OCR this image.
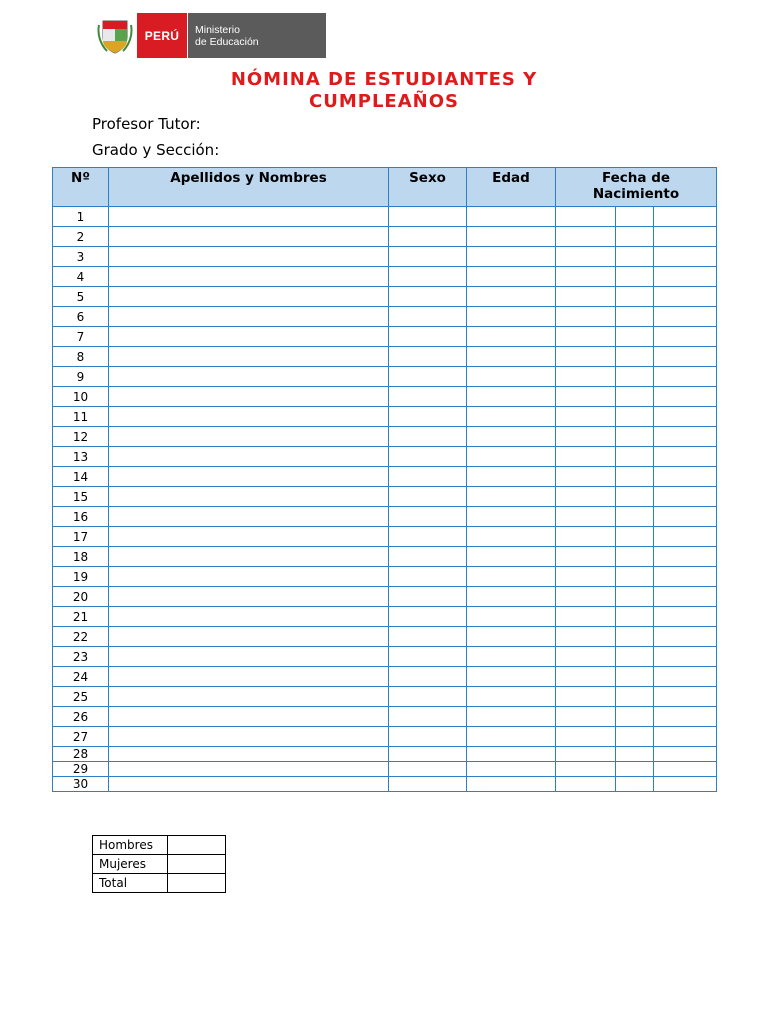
PERÚ	Ministerio
de Educación
NÓMINA DE ESTUDIANTES Y
CUMPLEAÑOS
Profesor Tutor:
Grado y Sección:
Nº	Apellidos y Nombres	Sexo	Edad	Fecha de
Nacimiento		

1						
2						
3						
4						
5						
6						
7						
8						
9						
10						
11						
12						
13						
14						
15						
16						
17						
18						
19						
20						
21						
22						
23						
24						
25						
26						
27						
28						
29						
30						
Hombres	
Mujeres	
Total	
